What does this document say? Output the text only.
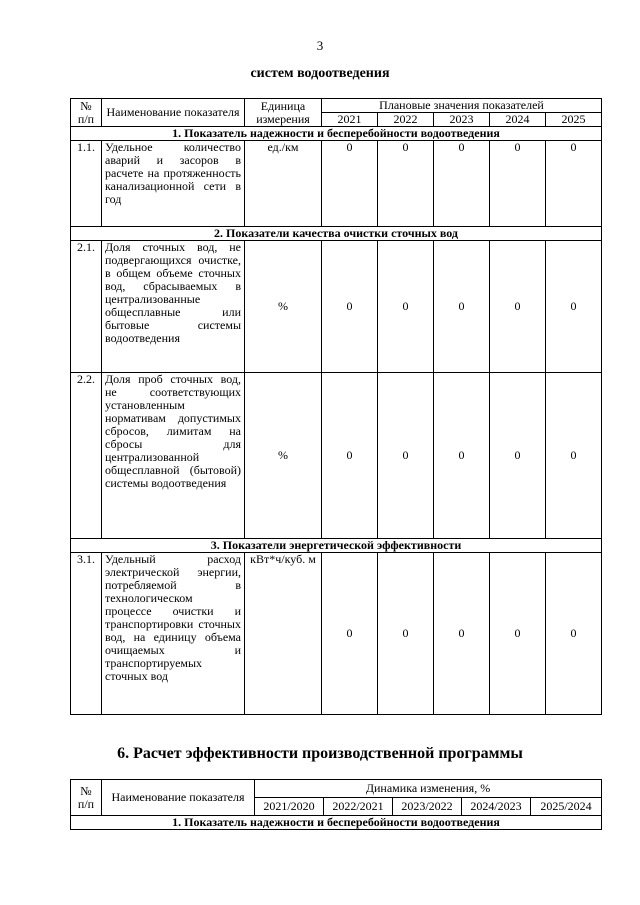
3
систем водоотведения
№ п/п	Наименование показателя	Единица измерения	Плановые значения показателей				
			2021	2022	2023	2024	2025
1. Показатель надежности и бесперебойности водоотведения							
1.1.	Удельное количество аварий и засоров в расчете на протяженность канализационной сети в год	ед./км	0	0	0	0	0
2. Показатели качества очистки сточных вод							
2.1.	Доля сточных вод, не подвергающихся очистке, в общем объеме сточных вод, сбрасываемых в централизованные общесплавные или бытовые системы водоотведения	%	0	0	0	0	0
2.2.	Доля проб сточных вод, не соответствующих установленным нормативам допустимых сбросов, лимитам на сбросы для централизованной общесплавной (бытовой) системы водоотведения	%	0	0	0	0	0
3. Показатели энергетической эффективности							
3.1.	Удельный расход электрической энергии, потребляемой в технологическом процессе очистки и транспортировки сточных вод, на единицу объема очищаемых и транспортируемых сточных вод	кВт*ч/куб. м	0	0	0	0	0
6. Расчет эффективности производственной программы
№ п/п	Наименование показателя	Динамика изменения, %				
		2021/2020	2022/2021	2023/2022	2024/2023	2025/2024
1. Показатель надежности и бесперебойности водоотведения						
